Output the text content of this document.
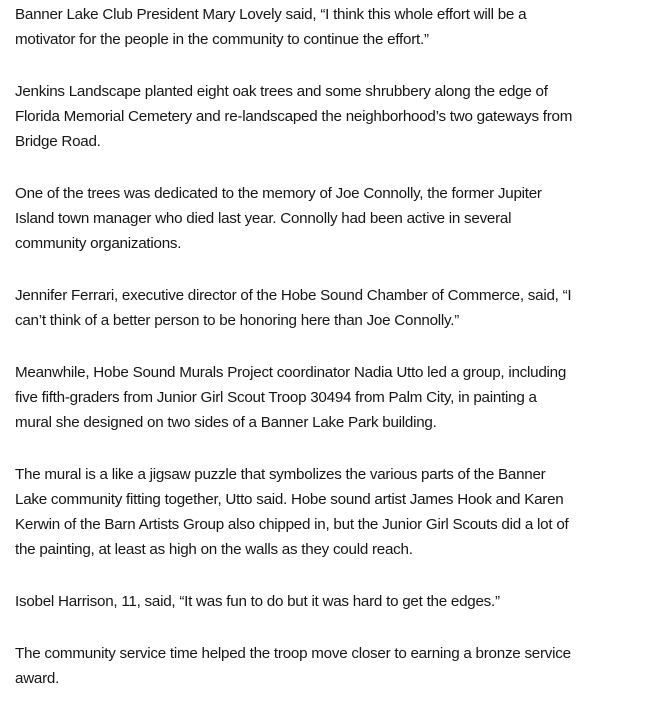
Banner Lake Club President Mary Lovely said, “I think this whole effort will be a
motivator for the people in the community to continue the effort.”

Jenkins Landscape planted eight oak trees and some shrubbery along the edge of
Florida Memorial Cemetery and re-landscaped the neighborhood’s two gateways from
Bridge Road.

One of the trees was dedicated to the memory of Joe Connolly, the former Jupiter
Island town manager who died last year. Connolly had been active in several
community organizations.

Jennifer Ferrari, executive director of the Hobe Sound Chamber of Commerce, said, “I
can’t think of a better person to be honoring here than Joe Connolly.”

Meanwhile, Hobe Sound Murals Project coordinator Nadia Utto led a group, including
five fifth-graders from Junior Girl Scout Troop 30494 from Palm City, in painting a
mural she designed on two sides of a Banner Lake Park building.

The mural is a like a jigsaw puzzle that symbolizes the various parts of the Banner
Lake community fitting together, Utto said. Hobe sound artist James Hook and Karen
Kerwin of the Barn Artists Group also chipped in, but the Junior Girl Scouts did a lot of
the painting, at least as high on the walls as they could reach.

Isobel Harrison, 11, said, “It was fun to do but it was hard to get the edges.”

The community service time helped the troop move closer to earning a bronze service
award.
